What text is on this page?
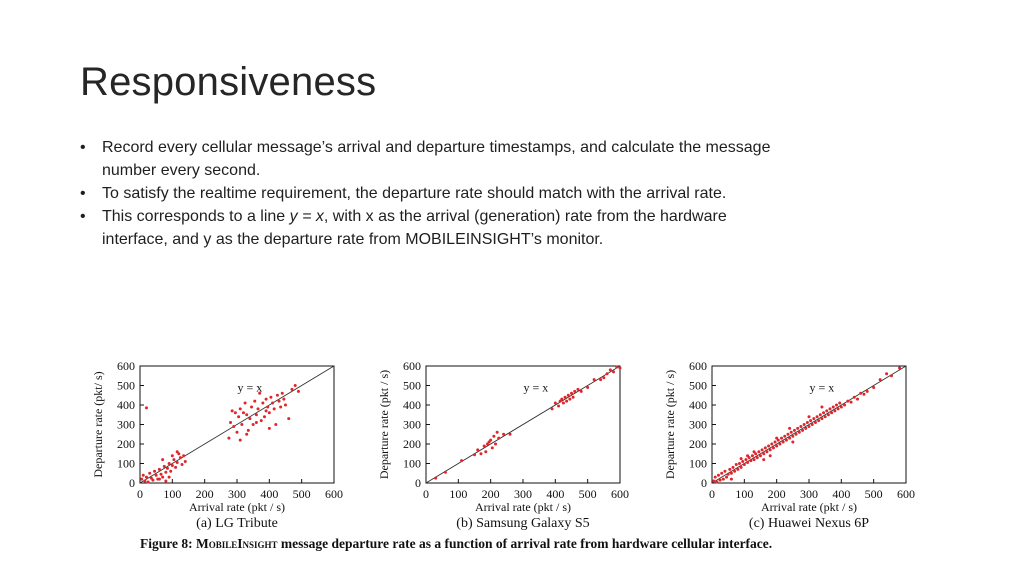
Responsiveness
• Record every cellular message’s arrival and departure timestamps, and calculate the message number every second.
• To satisfy the realtime requirement, the departure rate should match with the arrival rate.
• This corresponds to a line y = x, with x as the arrival (generation) rate from the hardware interface, and y as the departure rate from MOBILEINSIGHT’s monitor.
0 100 200 300 400 500 600
0
100
200
300
400
500
600
y = x
Arrival rate (pkt / s)
(a) LG Tribute
Departure rate (pkt/ s)
0 100 200 300 400 500 600
0
100
200
300
400
500
600
y = x
Arrival rate (pkt / s)
(b) Samsung Galaxy S5
Departure rate (pkt / s)
0 100 200 300 400 500 600
0
100
200
300
400
500
600
y = x
Arrival rate (pkt / s)
(c) Huawei Nexus 6P
Departure rate (pkt / s)
Figure 8: MobileInsight message departure rate as a function of arrival rate from hardware cellular interface.
